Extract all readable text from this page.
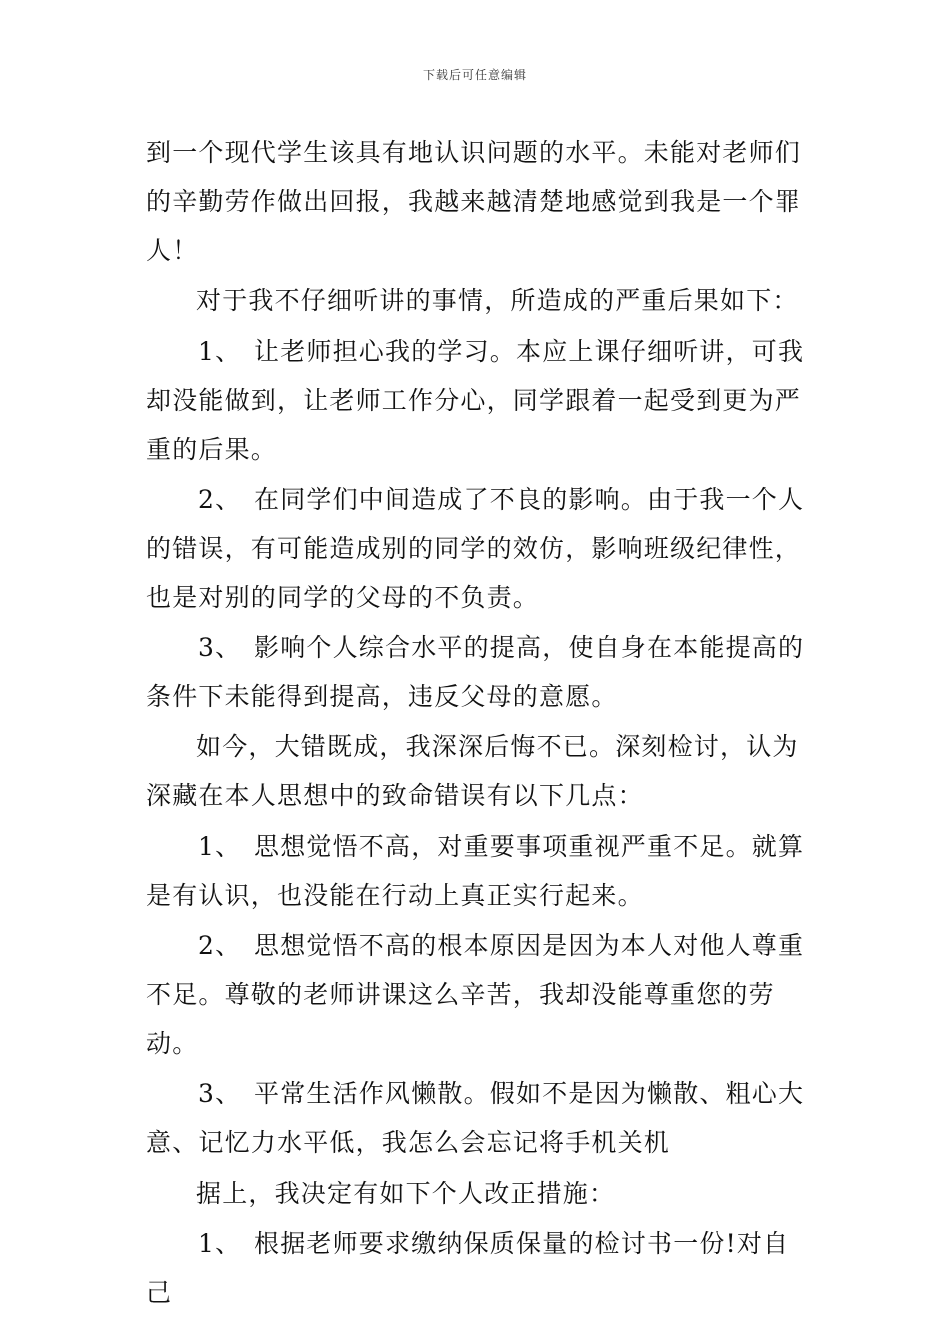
下载后可任意编辑

到一个现代学生该具有地认识问题的水平。未能对老师们的辛勤劳作做出回报，我越来越清楚地感觉到我是一个罪人！

对于我不仔细听讲的事情，所造成的严重后果如下：

1、 让老师担心我的学习。本应上课仔细听讲，可我却没能做到，让老师工作分心，同学跟着一起受到更为严重的后果。

2、 在同学们中间造成了不良的影响。由于我一个人的错误，有可能造成别的同学的效仿，影响班级纪律性，也是对别的同学的父母的不负责。

3、 影响个人综合水平的提高，使自身在本能提高的条件下未能得到提高，违反父母的意愿。

如今，大错既成，我深深后悔不已。深刻检讨，认为深藏在本人思想中的致命错误有以下几点：

1、 思想觉悟不高，对重要事项重视严重不足。就算是有认识，也没能在行动上真正实行起来。

2、 思想觉悟不高的根本原因是因为本人对他人尊重不足。尊敬的老师讲课这么辛苦，我却没能尊重您的劳动。

3、 平常生活作风懒散。假如不是因为懒散、粗心大意、记忆力水平低，我怎么会忘记将手机关机

据上，我决定有如下个人改正措施：

1、 根据老师要求缴纳保质保量的检讨书一份!对自己
